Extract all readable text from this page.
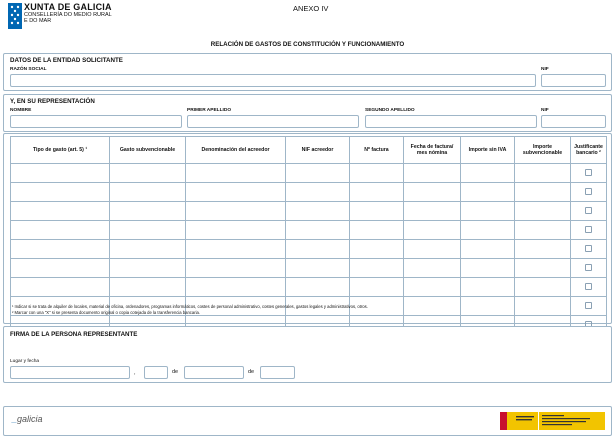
XUNTA DE GALICIA
CONSELLERÍA DO MEDIO RURAL
E DO MAR
ANEXO IV
RELACIÓN DE GASTOS DE CONSTITUCIÓN Y FUNCIONAMIENTO
DATOS DE LA ENTIDAD SOLICITANTE
RAZÓN SOCIAL	NIF
Y, EN SU REPRESENTACIÓN
NOMBRE	PRIMER APELLIDO	SEGUNDO APELLIDO	NIF
Tipo de gasto (art. 5) ¹	Gasto subvencionable	Denominación del acreedor	NIF acreedor	Nº factura	Fecha de factura/ mes nómina	Importe sin IVA	Importe subvencionable	Justificante bancario ²

¹ Indicar si se trata de alquiler de locales, material de oficina, ordenadores, programas informáticos, costes de personal administrativo, costes generales, gastos legales y administrativos, otros.
² Marcar con una "X" si se presenta documento original o copia cotejada de la transferencia bancaria.
FIRMA DE LA PERSONA REPRESENTANTE
Lugar y fecha
,	de	de
_galicia
